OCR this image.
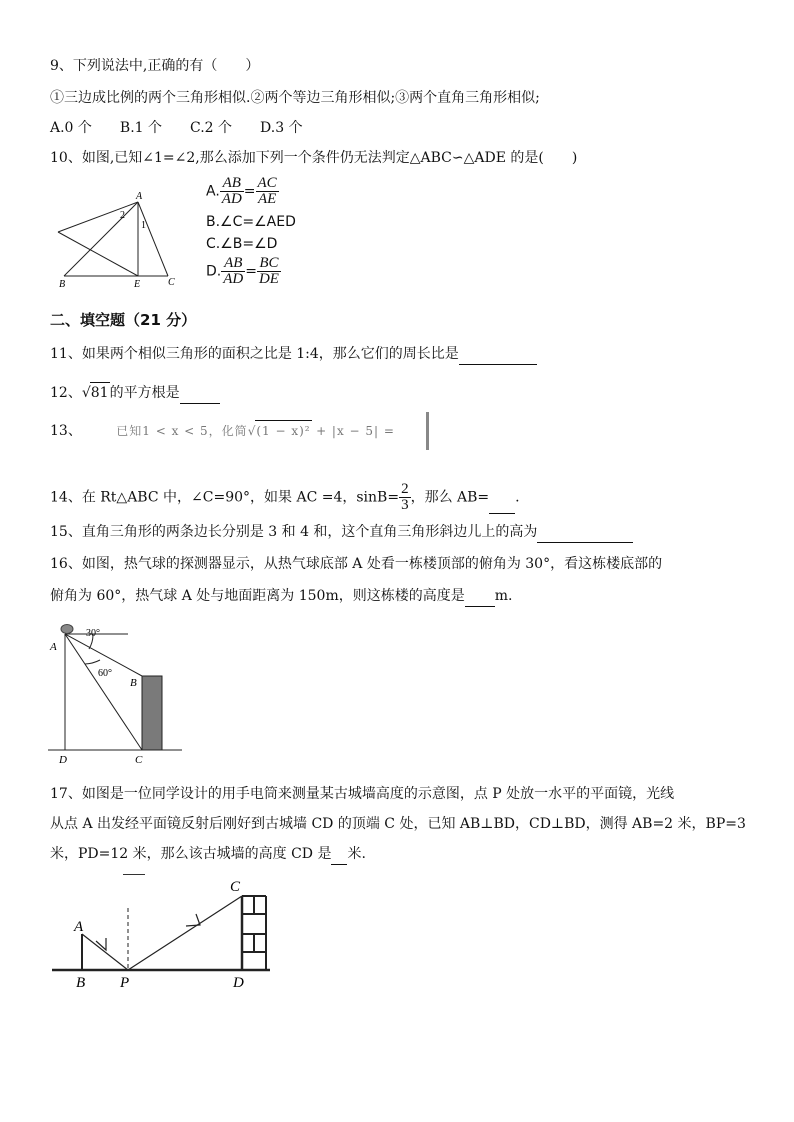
9、下列说法中,正确的有（　　）
①三边成比例的两个三角形相似.②两个等边三角形相似;③两个直角三角形相似;
A.0 个　　B.1 个　　C.2 个　　D.3 个
10、如图,已知∠1=∠2,那么添加下列一个条件仍无法判定△ABC∽△ADE 的是(　　)
A
B	E	C
2
1
A. $\frac{AB}{AD} = \frac{AC}{AE}$
B.∠C=∠AED
C.∠B=∠D
D. $\frac{AB}{AD} = \frac{BC}{DE}$
二、填空题（21 分）
11、如果两个相似三角形的面积之比是 1:4，那么它们的周长比是
12、√81的平方根是
13、	已知1 < x < 5，化简√(1 − x)² + |x − 5| =
14、在 Rt△ABC 中，∠C=90°，如果 AC =4，$\sin B= \frac{2}{3}$ ，那么 AB= .
15、直角三角形的两条边长分别是 3 和 4 和，这个直角三角形斜边儿上的高为
16、如图，热气球的探测器显示，从热气球底部 A 处看一栋楼顶部的俯角为 30°，看这栋楼底部的
俯角为 60°，热气球 A 处与地面距离为 150m，则这栋楼的高度是 m.
A
B
C
D
30°
60°
17、如图是一位同学设计的用手电筒来测量某古城墙高度的示意图，点 P 处放一水平的平面镜，光线
从点 A 出发经平面镜反射后刚好到古城墙 CD 的顶端 C 处，已知 AB⊥BD，CD⊥BD，测得 AB=2 米，BP=3
米，PD=12 米，那么该古城墙的高度 CD 是 米.
A
B P
C
D
